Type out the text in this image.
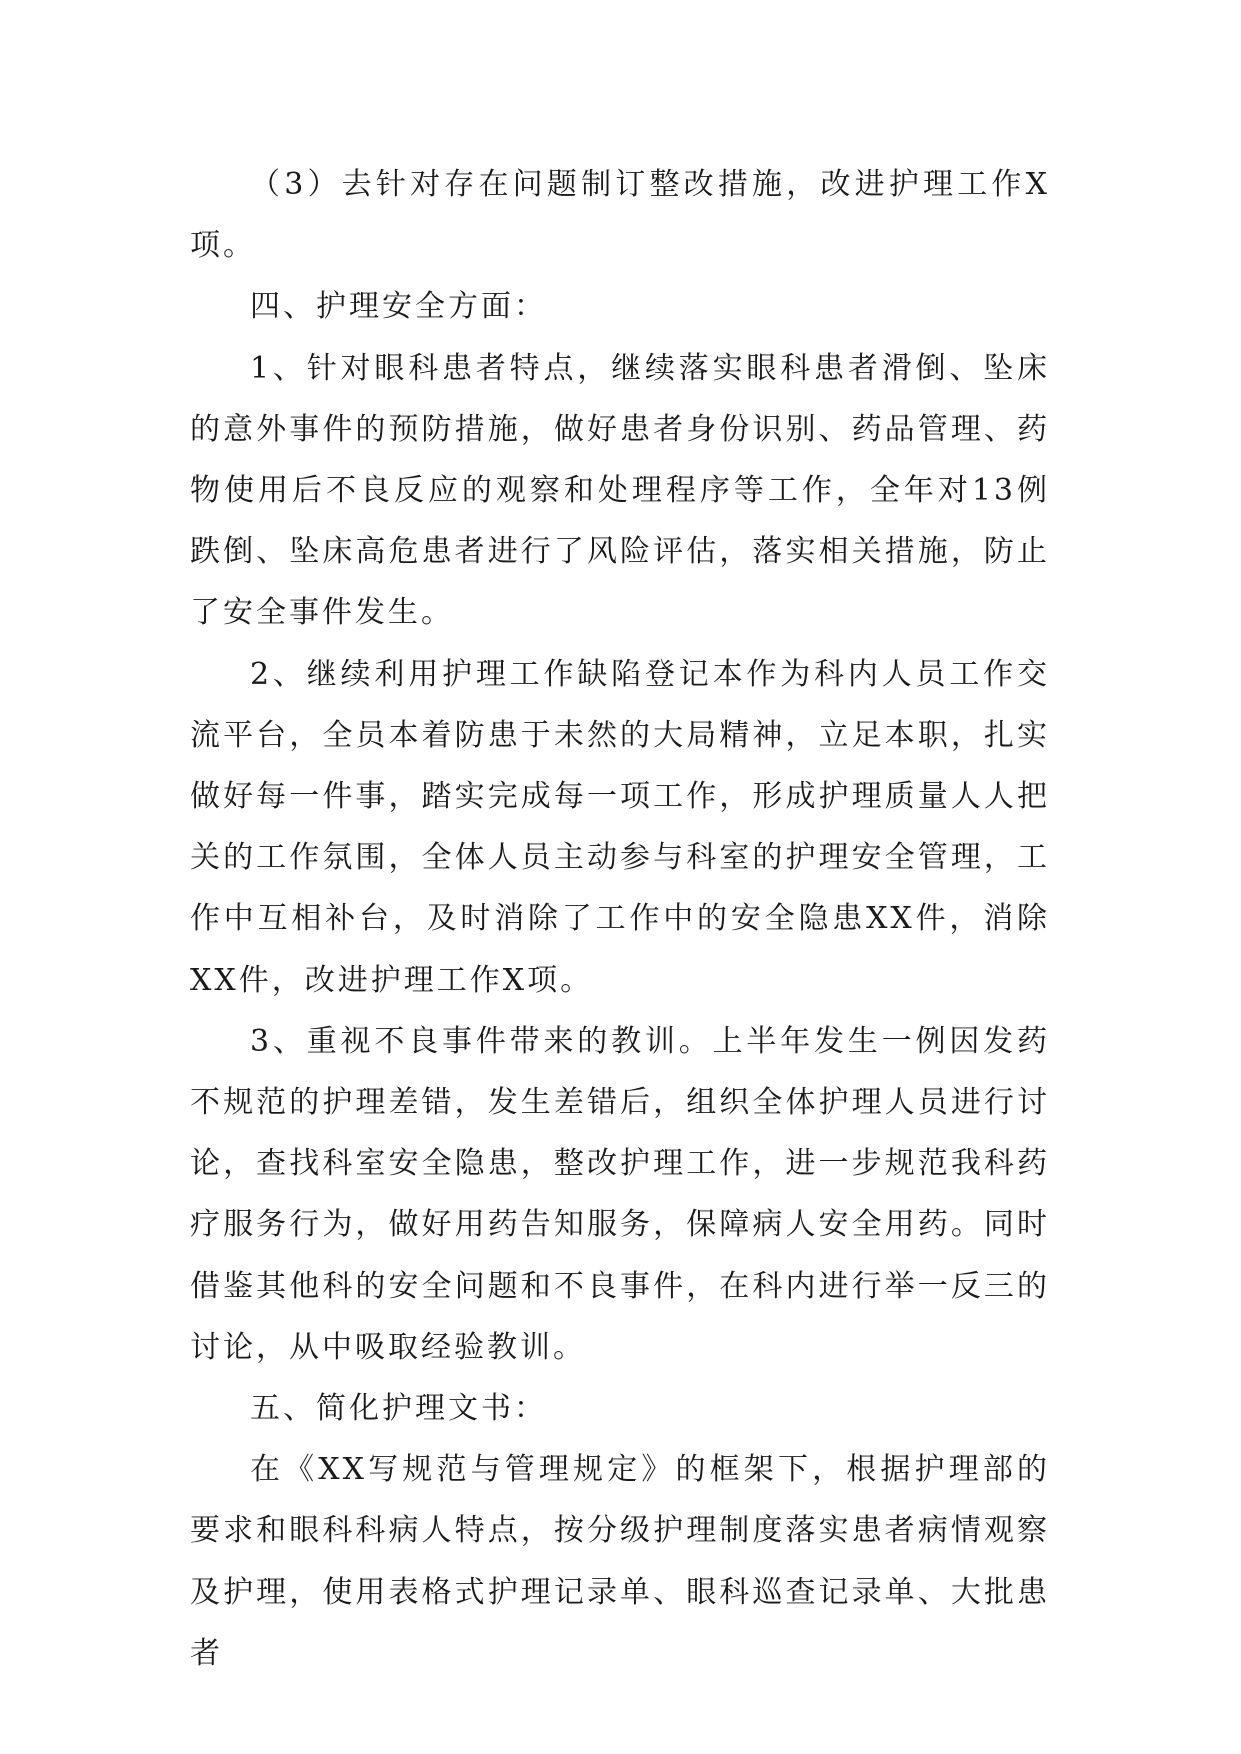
（3）去针对存在问题制订整改措施，改进护理工作X项。

四、护理安全方面：

1、针对眼科患者特点，继续落实眼科患者滑倒、坠床的意外事件的预防措施，做好患者身份识别、药品管理、药物使用后不良反应的观察和处理程序等工作，全年对13例跌倒、坠床高危患者进行了风险评估，落实相关措施，防止了安全事件发生。

2、继续利用护理工作缺陷登记本作为科内人员工作交流平台，全员本着防患于未然的大局精神，立足本职，扎实做好每一件事，踏实完成每一项工作，形成护理质量人人把关的工作氛围，全体人员主动参与科室的护理安全管理，工作中互相补台，及时消除了工作中的安全隐患XX件，消除XX件，改进护理工作X项。

3、重视不良事件带来的教训。上半年发生一例因发药不规范的护理差错，发生差错后，组织全体护理人员进行讨论，查找科室安全隐患，整改护理工作，进一步规范我科药疗服务行为，做好用药告知服务，保障病人安全用药。同时借鉴其他科的安全问题和不良事件，在科内进行举一反三的讨论，从中吸取经验教训。

五、简化护理文书：

在《XX写规范与管理规定》的框架下，根据护理部的要求和眼科科病人特点，按分级护理制度落实患者病情观察及护理，使用表格式护理记录单、眼科巡查记录单、大批患者
